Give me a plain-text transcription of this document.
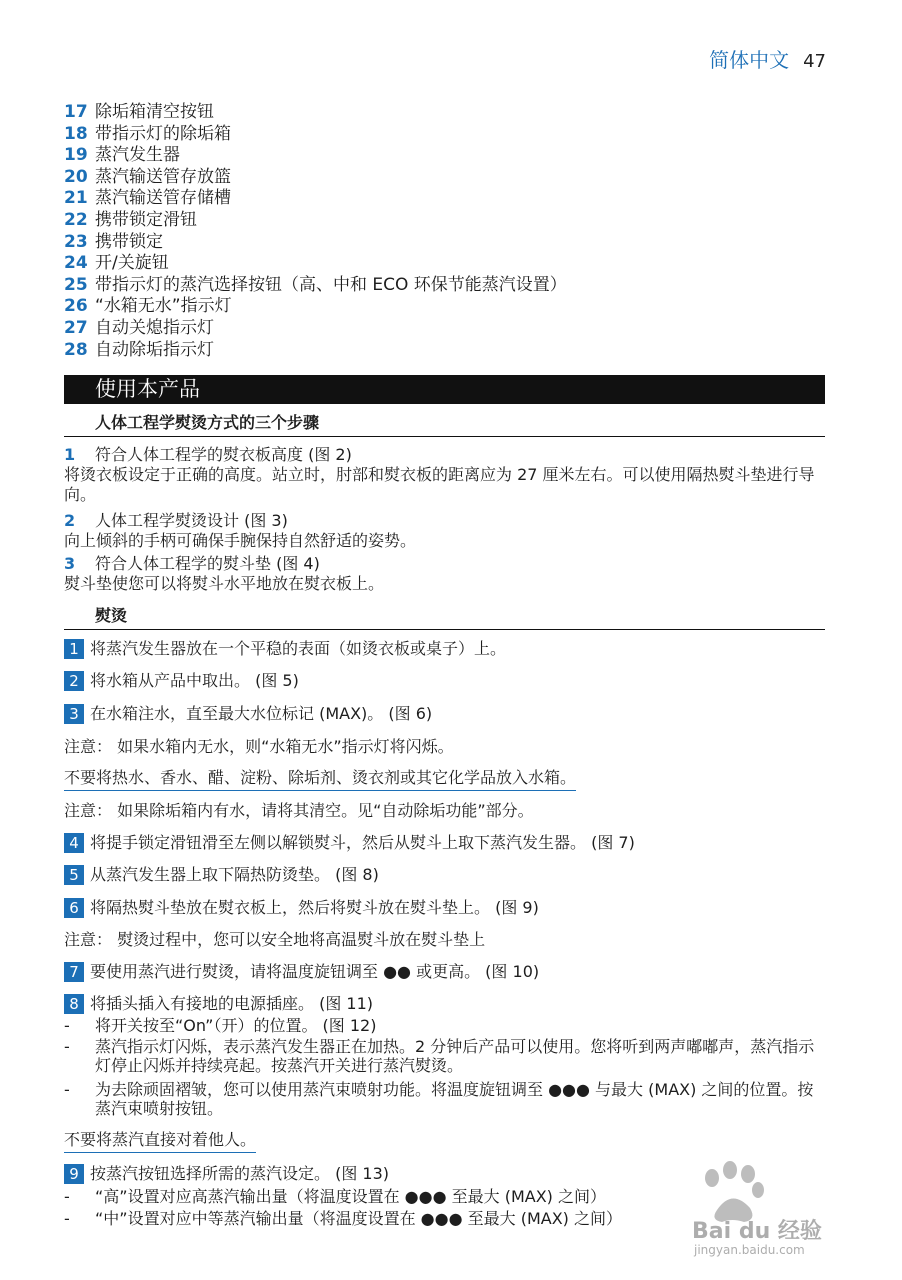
简体中文 47
17 除垢箱清空按钮
18 带指示灯的除垢箱
19 蒸汽发生器
20 蒸汽输送管存放篮
21 蒸汽输送管存储槽
22 携带锁定滑钮
23 携带锁定
24 开/关旋钮
25 带指示灯的蒸汽选择按钮（高、中和 ECO 环保节能蒸汽设置）
26 “水箱无水”指示灯
27 自动关熄指示灯
28 自动除垢指示灯
使用本产品
人体工程学熨烫方式的三个步骤
1 符合人体工程学的熨衣板高度 (图 2)
将烫衣板设定于正确的高度。站立时，肘部和熨衣板的距离应为 27 厘米左右。可以使用隔热熨斗垫进行导向。
2 人体工程学熨烫设计 (图 3)
向上倾斜的手柄可确保手腕保持自然舒适的姿势。
3 符合人体工程学的熨斗垫 (图 4)
熨斗垫使您可以将熨斗水平地放在熨衣板上。
熨烫
1 将蒸汽发生器放在一个平稳的表面（如烫衣板或桌子）上。
2 将水箱从产品中取出。 (图 5)
3 在水箱注水，直至最大水位标记 (MAX)。 (图 6)
注意： 如果水箱内无水，则“水箱无水”指示灯将闪烁。
不要将热水、香水、醋、淀粉、除垢剂、烫衣剂或其它化学品放入水箱。
注意： 如果除垢箱内有水，请将其清空。见“自动除垢功能”部分。
4 将提手锁定滑钮滑至左侧以解锁熨斗，然后从熨斗上取下蒸汽发生器。 (图 7)
5 从蒸汽发生器上取下隔热防烫垫。 (图 8)
6 将隔热熨斗垫放在熨衣板上，然后将熨斗放在熨斗垫上。 (图 9)
注意： 熨烫过程中，您可以安全地将高温熨斗放在熨斗垫上
7 要使用蒸汽进行熨烫，请将温度旋钮调至 ●● 或更高。 (图 10)
8 将插头插入有接地的电源插座。 (图 11)
-	将开关按至“On”（开）的位置。 (图 12)
-	蒸汽指示灯闪烁，表示蒸汽发生器正在加热。2 分钟后产品可以使用。您将听到两声嘟嘟声，蒸汽指示灯停止闪烁并持续亮起。按蒸汽开关进行蒸汽熨烫。
-	为去除顽固褶皱，您可以使用蒸汽束喷射功能。将温度旋钮调至 ●●● 与最大 (MAX) 之间的位置。按蒸汽束喷射按钮。
不要将蒸汽直接对着他人。
9 按蒸汽按钮选择所需的蒸汽设定。 (图 13)
-	“高”设置对应高蒸汽输出量（将温度设置在 ●●● 至最大 (MAX) 之间）
-	“中”设置对应中等蒸汽输出量（将温度设置在 ●●● 至最大 (MAX) 之间）
Bai du 经验
jingyan.baidu.com
